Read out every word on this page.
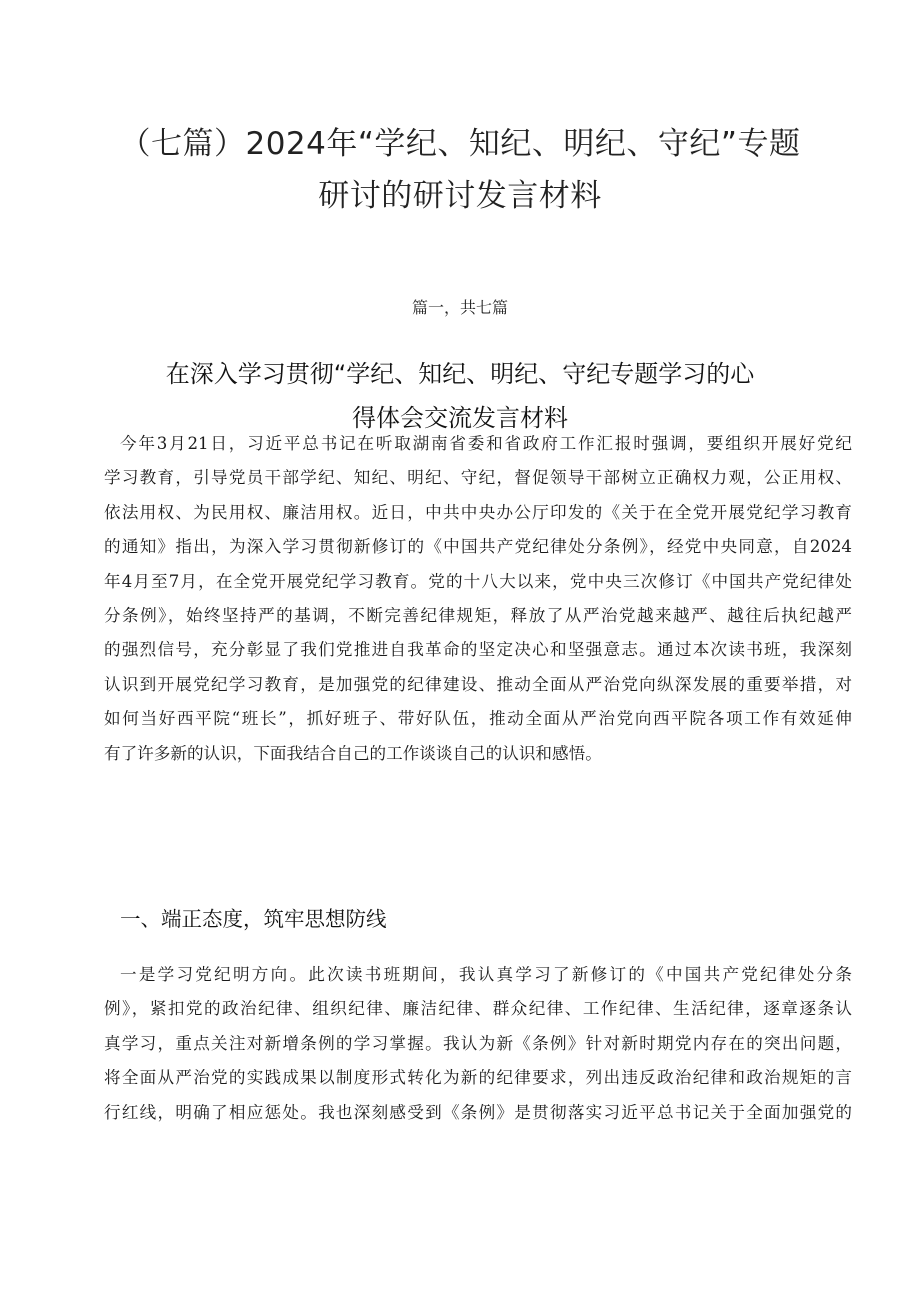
（七篇）2024年“学纪、知纪、明纪、守纪”专题
研讨的研讨发言材料
篇一，共七篇
在深入学习贯彻“学纪、知纪、明纪、守纪专题学习的心
得体会交流发言材料

今年3月21日，习近平总书记在听取湖南省委和省政府工作汇报时强调，要组织开展好党纪
学习教育，引导党员干部学纪、知纪、明纪、守纪，督促领导干部树立正确权力观，公正用权、
依法用权、为民用权、廉洁用权。近日，中共中央办公厅印发的《关于在全党开展党纪学习教育
的通知》指出，为深入学习贯彻新修订的《中国共产党纪律处分条例》，经党中央同意，自2024
年4月至7月，在全党开展党纪学习教育。党的十八大以来，党中央三次修订《中国共产党纪律处
分条例》，始终坚持严的基调，不断完善纪律规矩，释放了从严治党越来越严、越往后执纪越严
的强烈信号，充分彰显了我们党推进自我革命的坚定决心和坚强意志。通过本次读书班，我深刻
认识到开展党纪学习教育，是加强党的纪律建设、推动全面从严治党向纵深发展的重要举措，对
如何当好西平院“班长”，抓好班子、带好队伍，推动全面从严治党向西平院各项工作有效延伸
有了许多新的认识，下面我结合自己的工作谈谈自己的认识和感悟。

一、端正态度，筑牢思想防线

一是学习党纪明方向。此次读书班期间，我认真学习了新修订的《中国共产党纪律处分条
例》，紧扣党的政治纪律、组织纪律、廉洁纪律、群众纪律、工作纪律、生活纪律，逐章逐条认
真学习，重点关注对新增条例的学习掌握。我认为新《条例》针对新时期党内存在的突出问题，
将全面从严治党的实践成果以制度形式转化为新的纪律要求，列出违反政治纪律和政治规矩的言
行红线，明确了相应惩处。我也深刻感受到《条例》是贯彻落实习近平总书记关于全面加强党的
